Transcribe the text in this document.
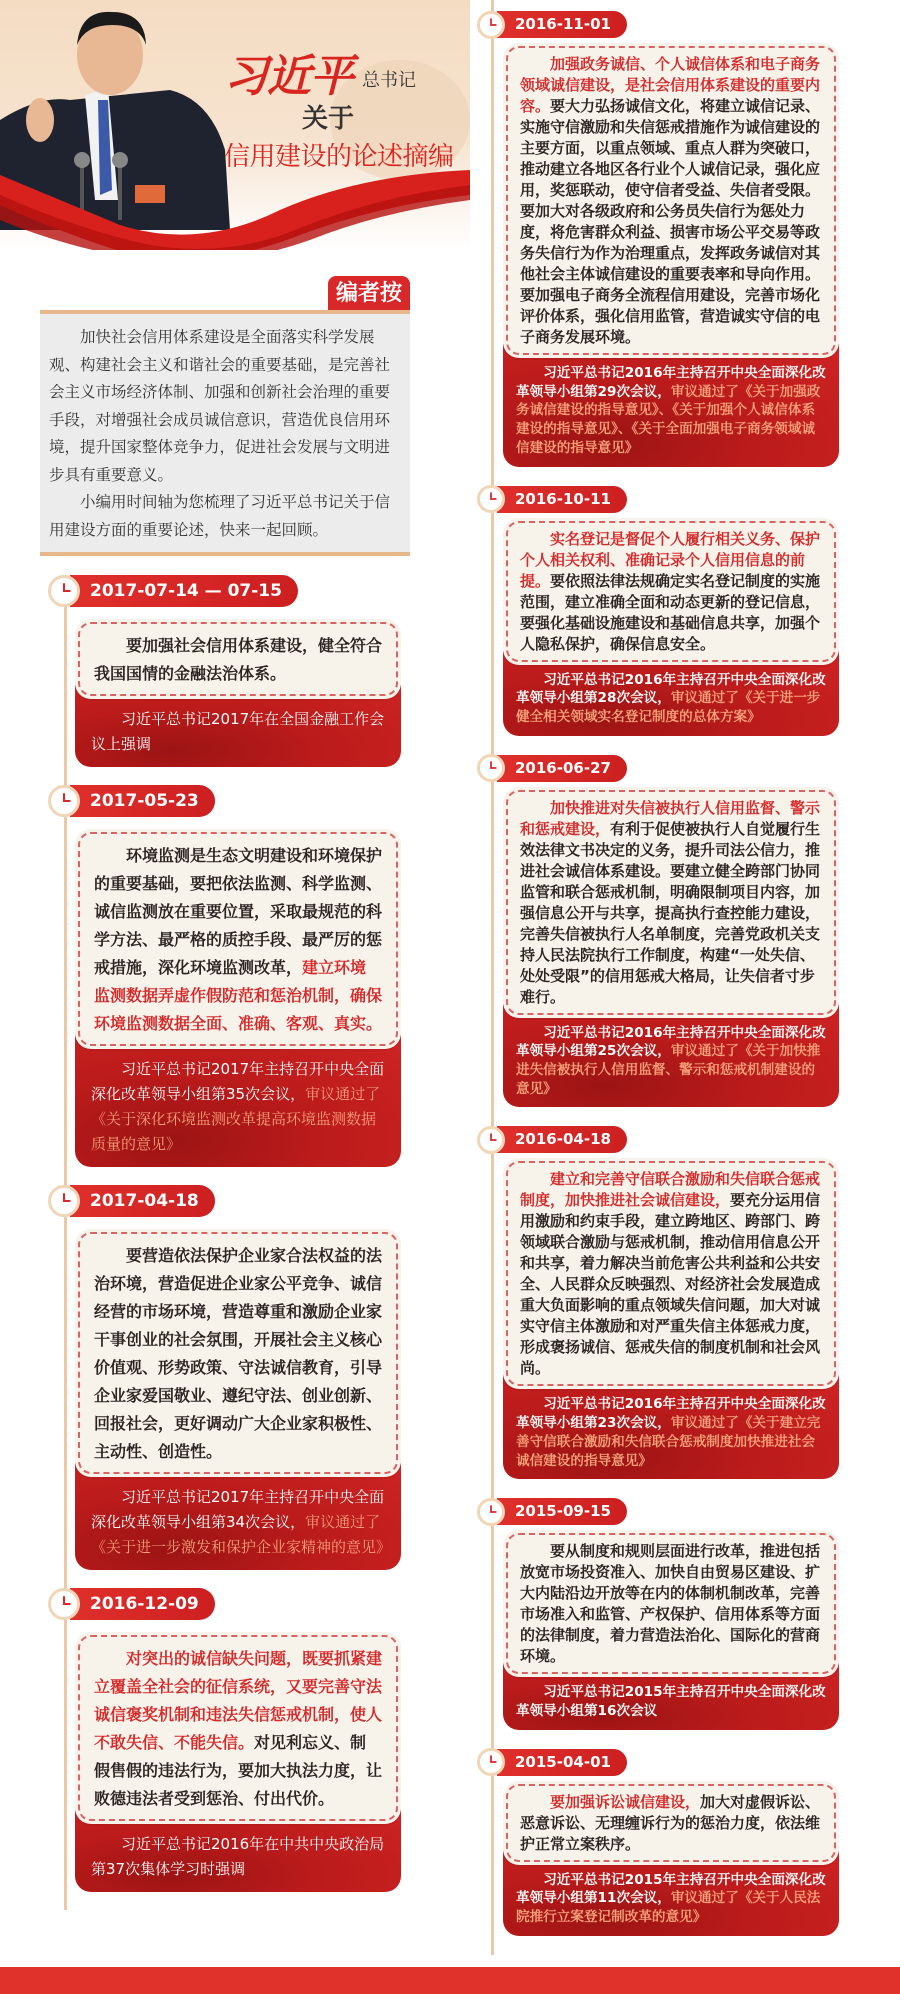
习近平 总书记
关于
信用建设的论述摘编
编者按

加快社会信用体系建设是全面落实科学发展观、构建社会主义和谐社会的重要基础，是完善社会主义市场经济体制、加强和创新社会治理的重要手段，对增强社会成员诚信意识，营造优良信用环境，提升国家整体竞争力，促进社会发展与文明进步具有重要意义。

小编用时间轴为您梳理了习近平总书记关于信用建设方面的重要论述，快来一起回顾。

2017-07-14 — 07-15
要加强社会信用体系建设，健全符合我国国情的金融法治体系。
习近平总书记2017年在全国金融工作会议上强调
2017-05-23
环境监测是生态文明建设和环境保护的重要基础，要把依法监测、科学监测、诚信监测放在重要位置，采取最规范的科学方法、最严格的质控手段、最严厉的惩戒措施，深化环境监测改革，建立环境监测数据弄虚作假防范和惩治机制，确保环境监测数据全面、准确、客观、真实。
习近平总书记2017年主持召开中央全面深化改革领导小组第35次会议，审议通过了《关于深化环境监测改革提高环境监测数据质量的意见》
2017-04-18
要营造依法保护企业家合法权益的法治环境，营造促进企业家公平竞争、诚信经营的市场环境，营造尊重和激励企业家干事创业的社会氛围，开展社会主义核心价值观、形势政策、守法诚信教育，引导企业家爱国敬业、遵纪守法、创业创新、回报社会，更好调动广大企业家积极性、主动性、创造性。
习近平总书记2017年主持召开中央全面深化改革领导小组第34次会议，审议通过了《关于进一步激发和保护企业家精神的意见》
2016-12-09
对突出的诚信缺失问题，既要抓紧建立覆盖全社会的征信系统，又要完善守法诚信褒奖机制和违法失信惩戒机制，使人不敢失信、不能失信。对见利忘义、制假售假的违法行为，要加大执法力度，让败德违法者受到惩治、付出代价。
习近平总书记2016年在中共中央政治局第37次集体学习时强调
2016-11-01
加强政务诚信、个人诚信体系和电子商务领域诚信建设，是社会信用体系建设的重要内容。要大力弘扬诚信文化，将建立诚信记录、实施守信激励和失信惩戒措施作为诚信建设的主要方面，以重点领域、重点人群为突破口，推动建立各地区各行业个人诚信记录，强化应用，奖惩联动，使守信者受益、失信者受限。要加大对各级政府和公务员失信行为惩处力度，将危害群众利益、损害市场公平交易等政务失信行为作为治理重点，发挥政务诚信对其他社会主体诚信建设的重要表率和导向作用。要加强电子商务全流程信用建设，完善市场化评价体系，强化信用监管，营造诚实守信的电子商务发展环境。
习近平总书记2016年主持召开中央全面深化改革领导小组第29次会议，审议通过了《关于加强政务诚信建设的指导意见》、《关于加强个人诚信体系建设的指导意见》、《关于全面加强电子商务领域诚信建设的指导意见》
2016-10-11
实名登记是督促个人履行相关义务、保护个人相关权利、准确记录个人信用信息的前提。要依照法律法规确定实名登记制度的实施范围，建立准确全面和动态更新的登记信息，要强化基础设施建设和基础信息共享，加强个人隐私保护，确保信息安全。
习近平总书记2016年主持召开中央全面深化改革领导小组第28次会议，审议通过了《关于进一步健全相关领域实名登记制度的总体方案》
2016-06-27
加快推进对失信被执行人信用监督、警示和惩戒建设，有利于促使被执行人自觉履行生效法律文书决定的义务，提升司法公信力，推进社会诚信体系建设。要建立健全跨部门协同监管和联合惩戒机制，明确限制项目内容，加强信息公开与共享，提高执行查控能力建设，完善失信被执行人名单制度，完善党政机关支持人民法院执行工作制度，构建“一处失信、处处受限”的信用惩戒大格局，让失信者寸步难行。
习近平总书记2016年主持召开中央全面深化改革领导小组第25次会议，审议通过了《关于加快推进失信被执行人信用监督、警示和惩戒机制建设的意见》
2016-04-18
建立和完善守信联合激励和失信联合惩戒制度，加快推进社会诚信建设，要充分运用信用激励和约束手段，建立跨地区、跨部门、跨领域联合激励与惩戒机制，推动信用信息公开和共享，着力解决当前危害公共利益和公共安全、人民群众反映强烈、对经济社会发展造成重大负面影响的重点领域失信问题，加大对诚实守信主体激励和对严重失信主体惩戒力度，形成褒扬诚信、惩戒失信的制度机制和社会风尚。
习近平总书记2016年主持召开中央全面深化改革领导小组第23次会议，审议通过了《关于建立完善守信联合激励和失信联合惩戒制度加快推进社会诚信建设的指导意见》
2015-09-15
要从制度和规则层面进行改革，推进包括放宽市场投资准入、加快自由贸易区建设、扩大内陆沿边开放等在内的体制机制改革，完善市场准入和监管、产权保护、信用体系等方面的法律制度，着力营造法治化、国际化的营商环境。
习近平总书记2015年主持召开中央全面深化改革领导小组第16次会议
2015-04-01
要加强诉讼诚信建设，加大对虚假诉讼、恶意诉讼、无理缠诉行为的惩治力度，依法维护正常立案秩序。
习近平总书记2015年主持召开中央全面深化改革领导小组第11次会议，审议通过了《关于人民法院推行立案登记制改革的意见》
